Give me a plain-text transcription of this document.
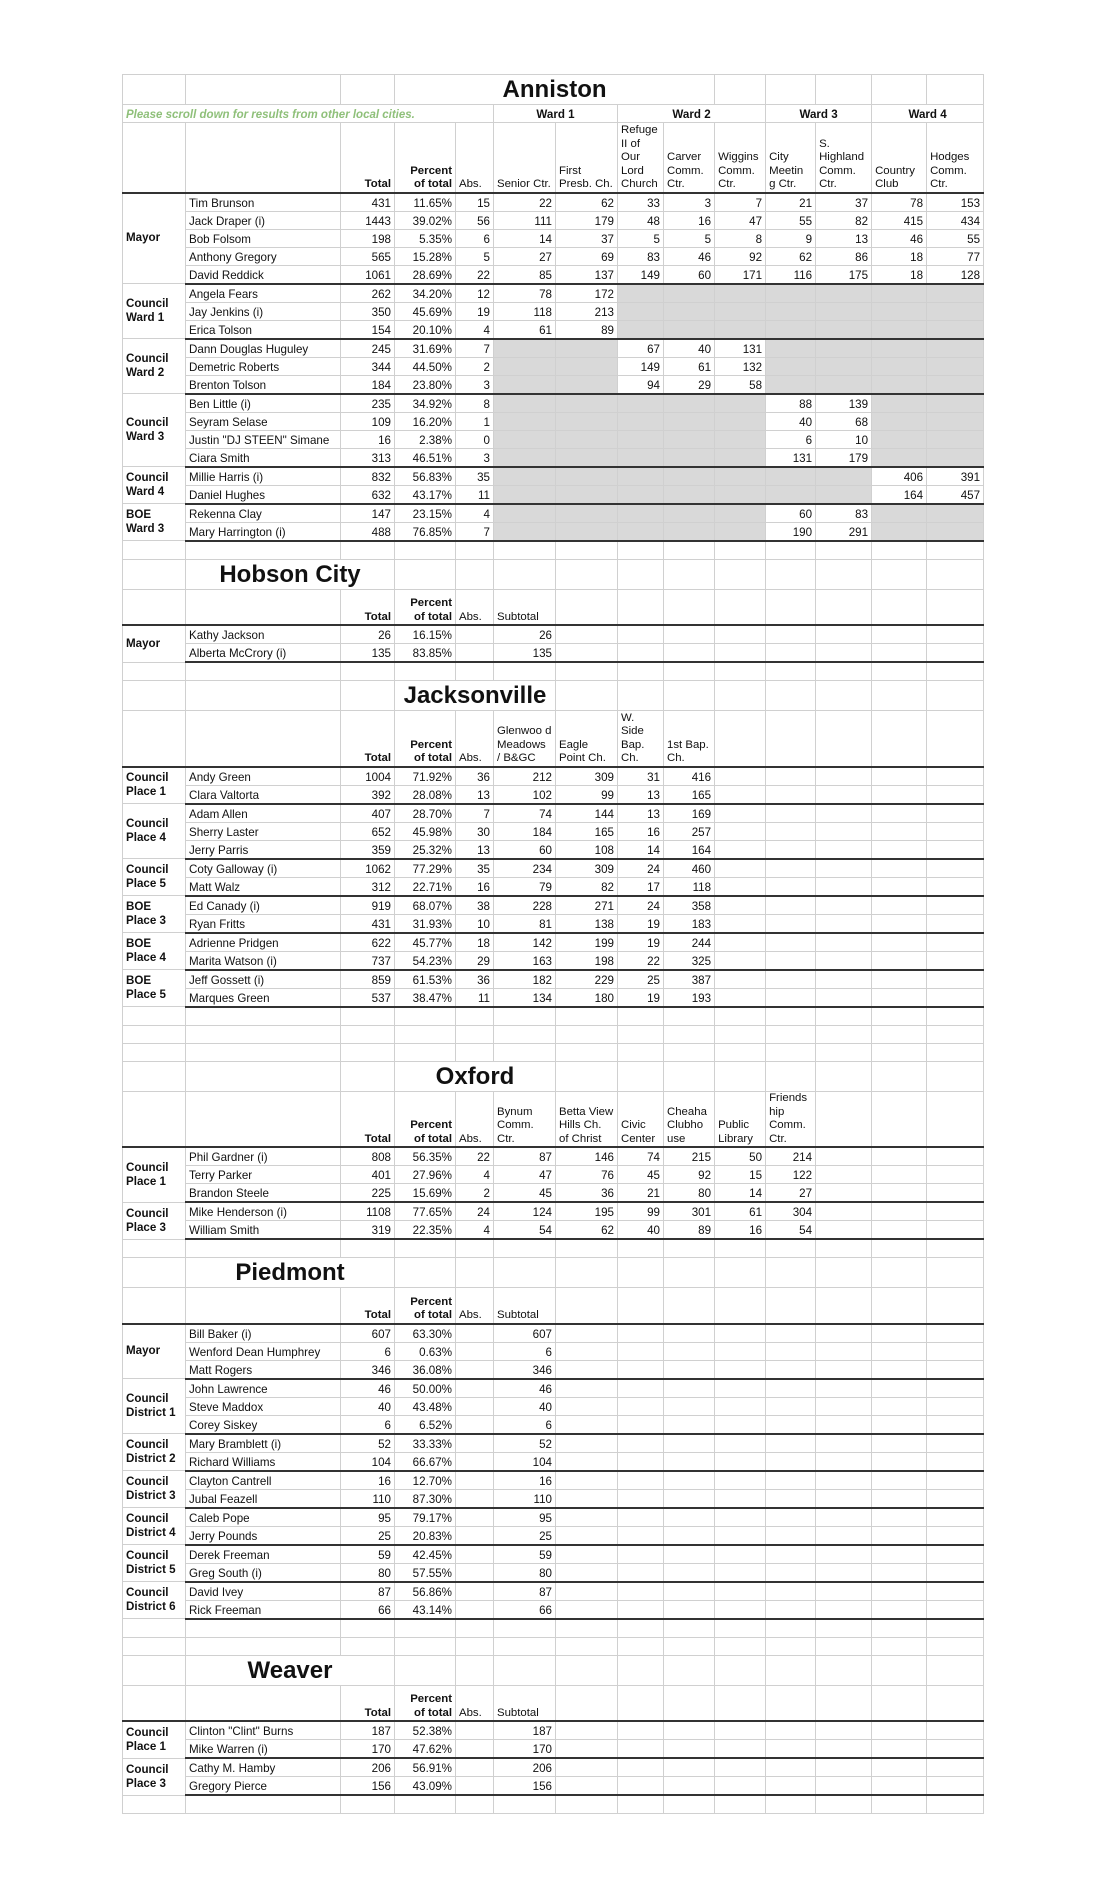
			Anniston										
Please scroll down for results from other local cities.					Ward 1		Ward 2			Ward 3		Ward 4	
		Total	Percent of total	Abs.	Senior Ctr.	First Presb. Ch.	Refuge II of Our Lord Church	Carver Comm. Ctr.	Wiggins Comm. Ctr.	City Meetin g Ctr.	S. Highland Comm. Ctr.	Country Club	Hodges Comm. Ctr.
Mayor	Tim Brunson	431	11.65%	15	22	62	33	3	7	21	37	78	153
	Jack Draper (i)	1443	39.02%	56	111	179	48	16	47	55	82	415	434
	Bob Folsom	198	5.35%	6	14	37	5	5	8	9	13	46	55
	Anthony Gregory	565	15.28%	5	27	69	83	46	92	62	86	18	77
	David Reddick	1061	28.69%	22	85	137	149	60	171	116	175	18	128
Council Ward 1	Angela Fears	262	34.20%	12	78	172							
	Jay Jenkins (i)	350	45.69%	19	118	213							
	Erica Tolson	154	20.10%	4	61	89							
Council Ward 2	Dann Douglas Huguley	245	31.69%	7			67	40	131				
	Demetric Roberts	344	44.50%	2			149	61	132				
	Brenton Tolson	184	23.80%	3			94	29	58				
Council Ward 3	Ben Little (i)	235	34.92%	8						88	139		
	Seyram Selase	109	16.20%	1						40	68		
	Justin "DJ STEEN" Simane	16	2.38%	0						6	10		
	Ciara Smith	313	46.51%	3						131	179		
Council Ward 4	Millie Harris (i)	832	56.83%	35								406	391
	Daniel Hughes	632	43.17%	11								164	457
BOE Ward 3	Rekenna Clay	147	23.15%	4						60	83		
	Mary Harrington (i)	488	76.85%	7						190	291		

	Hobson City												
		Total	Percent of total	Abs.	Subtotal								
Mayor	Kathy Jackson	26	16.15%		26								
	Alberta McCrory (i)	135	83.85%		135								

			Jacksonville										
		Total	Percent of total	Abs.	Glenwoo d Meadows / B&GC	Eagle Point Ch.	W. Side Bap. Ch.	1st Bap. Ch.					
Council Place 1	Andy Green	1004	71.92%	36	212	309	31	416					
	Clara Valtorta	392	28.08%	13	102	99	13	165					
Council Place 4	Adam Allen	407	28.70%	7	74	144	13	169					
	Sherry Laster	652	45.98%	30	184	165	16	257					
	Jerry Parris	359	25.32%	13	60	108	14	164					
Council Place 5	Coty Galloway (i)	1062	77.29%	35	234	309	24	460					
	Matt Walz	312	22.71%	16	79	82	17	118					
BOE Place 3	Ed Canady (i)	919	68.07%	38	228	271	24	358					
	Ryan Fritts	431	31.93%	10	81	138	19	183					
BOE Place 4	Adrienne Pridgen	622	45.77%	18	142	199	19	244					
	Marita Watson (i)	737	54.23%	29	163	198	22	325					
BOE Place 5	Jeff Gossett (i)	859	61.53%	36	182	229	25	387					
	Marques Green	537	38.47%	11	134	180	19	193					

			Oxford										
		Total	Percent of total	Abs.	Bynum Comm. Ctr.	Betta View Hills Ch. of Christ	Civic Center	Cheaha Clubho use	Public Library	Friends hip Comm. Ctr.			
Council Place 1	Phil Gardner (i)	808	56.35%	22	87	146	74	215	50	214			
	Terry Parker	401	27.96%	4	47	76	45	92	15	122			
	Brandon Steele	225	15.69%	2	45	36	21	80	14	27			
Council Place 3	Mike Henderson (i)	1108	77.65%	24	124	195	99	301	61	304			
	William Smith	319	22.35%	4	54	62	40	89	16	54			

	Piedmont												
		Total	Percent of total	Abs.	Subtotal								
Mayor	Bill Baker (i)	607	63.30%		607								
	Wenford Dean Humphrey	6	0.63%		6								
	Matt Rogers	346	36.08%		346								
Council District 1	John Lawrence	46	50.00%		46								
	Steve Maddox	40	43.48%		40								
	Corey Siskey	6	6.52%		6								
Council District 2	Mary Bramblett (i)	52	33.33%		52								
	Richard Williams	104	66.67%		104								
Council District 3	Clayton Cantrell	16	12.70%		16								
	Jubal Feazell	110	87.30%		110								
Council District 4	Caleb Pope	95	79.17%		95								
	Jerry Pounds	25	20.83%		25								
Council District 5	Derek Freeman	59	42.45%		59								
	Greg South (i)	80	57.55%		80								
Council District 6	David Ivey	87	56.86%		87								
	Rick Freeman	66	43.14%		66								

	Weaver												
		Total	Percent of total	Abs.	Subtotal								
Council Place 1	Clinton "Clint" Burns	187	52.38%		187								
	Mike Warren (i)	170	47.62%		170								
Council Place 3	Cathy M. Hamby	206	56.91%		206								
	Gregory Pierce	156	43.09%		156								
